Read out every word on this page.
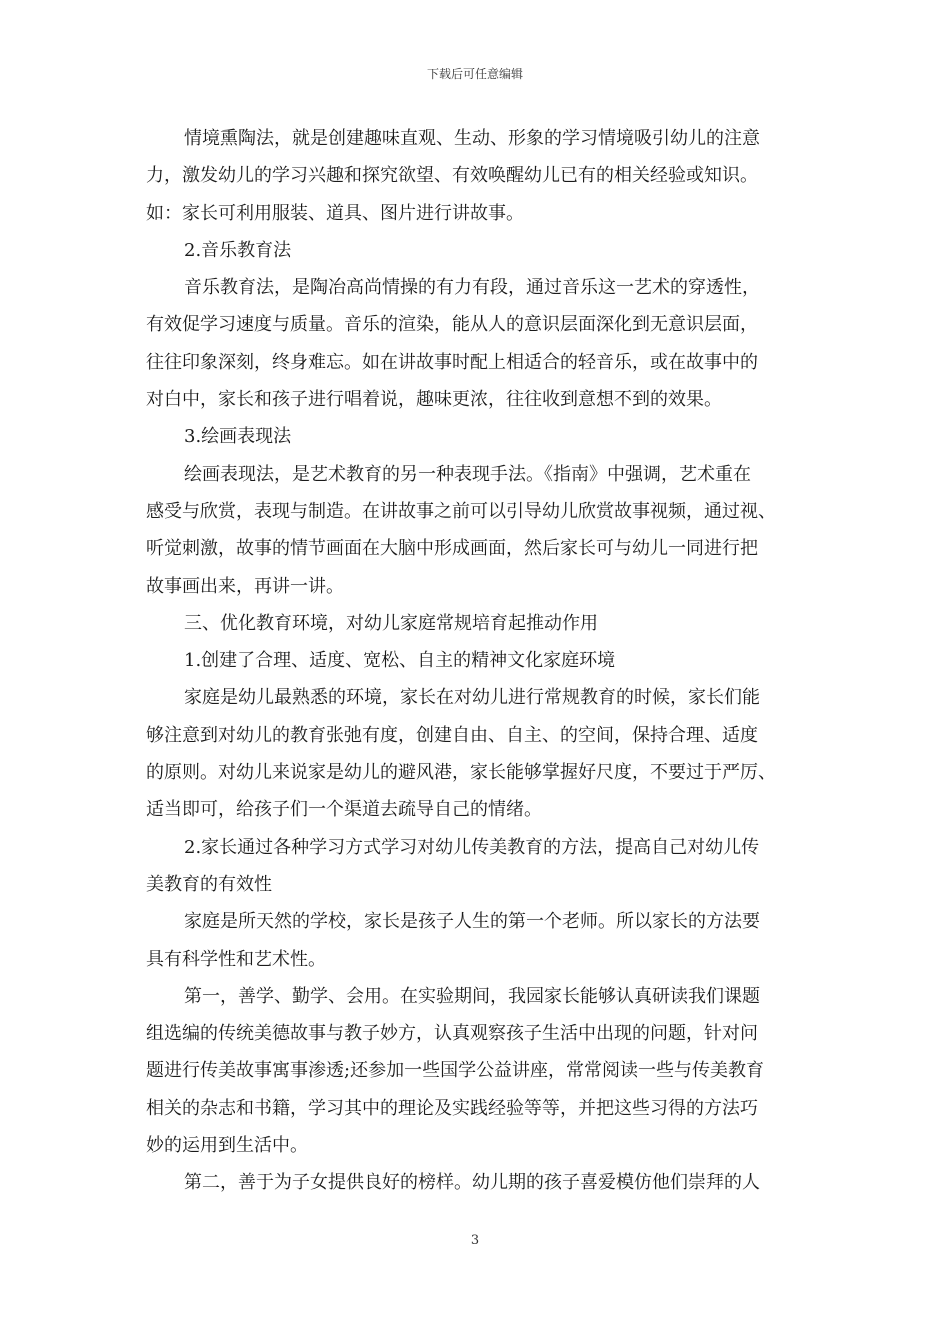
下载后可任意编辑
情境熏陶法，就是创建趣味直观、生动、形象的学习情境吸引幼儿的注意
力，激发幼儿的学习兴趣和探究欲望、有效唤醒幼儿已有的相关经验或知识。
如：家长可利用服装、道具、图片进行讲故事。
2.音乐教育法
音乐教育法，是陶冶高尚情操的有力有段，通过音乐这一艺术的穿透性，
有效促学习速度与质量。音乐的渲染，能从人的意识层面深化到无意识层面，
往往印象深刻，终身难忘。如在讲故事时配上相适合的轻音乐，或在故事中的
对白中，家长和孩子进行唱着说，趣味更浓，往往收到意想不到的效果。
3.绘画表现法
绘画表现法，是艺术教育的另一种表现手法。《指南》中强调，艺术重在
感受与欣赏，表现与制造。在讲故事之前可以引导幼儿欣赏故事视频，通过视、
听觉刺激，故事的情节画面在大脑中形成画面，然后家长可与幼儿一同进行把
故事画出来，再讲一讲。
三、优化教育环境，对幼儿家庭常规培育起推动作用
1.创建了合理、适度、宽松、自主的精神文化家庭环境
家庭是幼儿最熟悉的环境，家长在对幼儿进行常规教育的时候，家长们能
够注意到对幼儿的教育张弛有度，创建自由、自主、的空间，保持合理、适度
的原则。对幼儿来说家是幼儿的避风港，家长能够掌握好尺度，不要过于严厉、
适当即可，给孩子们一个渠道去疏导自己的情绪。
2.家长通过各种学习方式学习对幼儿传美教育的方法，提高自己对幼儿传
美教育的有效性
家庭是所天然的学校，家长是孩子人生的第一个老师。所以家长的方法要
具有科学性和艺术性。
第一，善学、勤学、会用。在实验期间，我园家长能够认真研读我们课题
组选编的传统美德故事与教子妙方，认真观察孩子生活中出现的问题，针对问
题进行传美故事寓事渗透;还参加一些国学公益讲座，常常阅读一些与传美教育
相关的杂志和书籍，学习其中的理论及实践经验等等，并把这些习得的方法巧
妙的运用到生活中。
第二，善于为子女提供良好的榜样。幼儿期的孩子喜爱模仿他们崇拜的人
3
